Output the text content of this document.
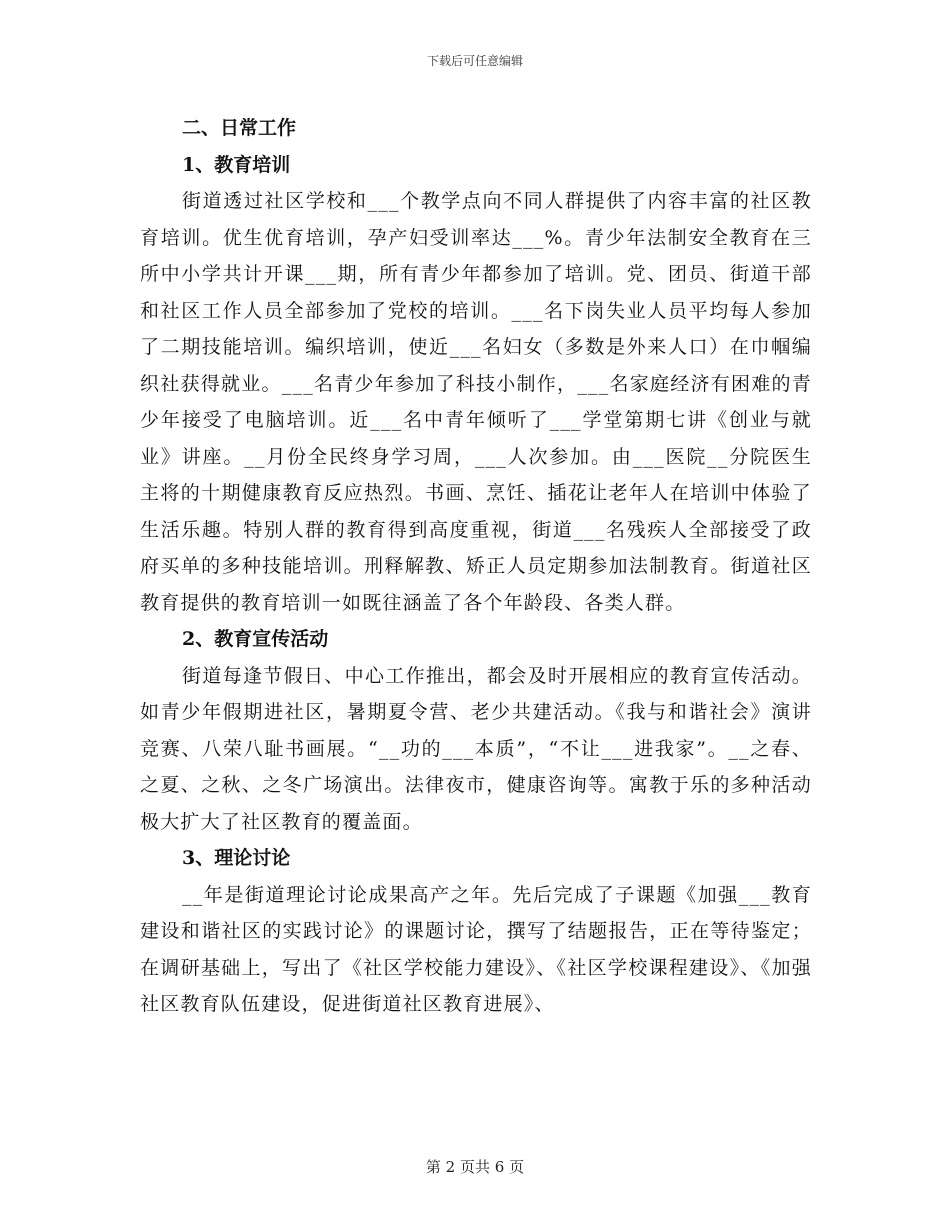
下载后可任意编辑

二、日常工作

1、教育培训

街道透过社区学校和___个教学点向不同人群提供了内容丰富的社区教育培训。优生优育培训，孕产妇受训率达___%。青少年法制安全教育在三所中小学共计开课___期，所有青少年都参加了培训。党、团员、街道干部和社区工作人员全部参加了党校的培训。___名下岗失业人员平均每人参加了二期技能培训。编织培训，使近___名妇女（多数是外来人口）在巾帼编织社获得就业。___名青少年参加了科技小制作，___名家庭经济有困难的青少年接受了电脑培训。近___名中青年倾听了___学堂第期七讲《创业与就业》讲座。__月份全民终身学习周，___人次参加。由___医院__分院医生主将的十期健康教育反应热烈。书画、烹饪、插花让老年人在培训中体验了生活乐趣。特别人群的教育得到高度重视，街道___名残疾人全部接受了政府买单的多种技能培训。刑释解教、矫正人员定期参加法制教育。街道社区教育提供的教育培训一如既往涵盖了各个年龄段、各类人群。

2、教育宣传活动

街道每逢节假日、中心工作推出，都会及时开展相应的教育宣传活动。如青少年假期进社区，暑期夏令营、老少共建活动。《我与和谐社会》演讲竞赛、八荣八耻书画展。“__功的___本质”，“不让___进我家”。__之春、之夏、之秋、之冬广场演出。法律夜市，健康咨询等。寓教于乐的多种活动极大扩大了社区教育的覆盖面。

3、理论讨论

__年是街道理论讨论成果高产之年。先后完成了子课题《加强___教育建设和谐社区的实践讨论》的课题讨论，撰写了结题报告，正在等待鉴定；在调研基础上，写出了《社区学校能力建设》、《社区学校课程建设》、《加强社区教育队伍建设，促进街道社区教育进展》、

第 2 页共 6 页
